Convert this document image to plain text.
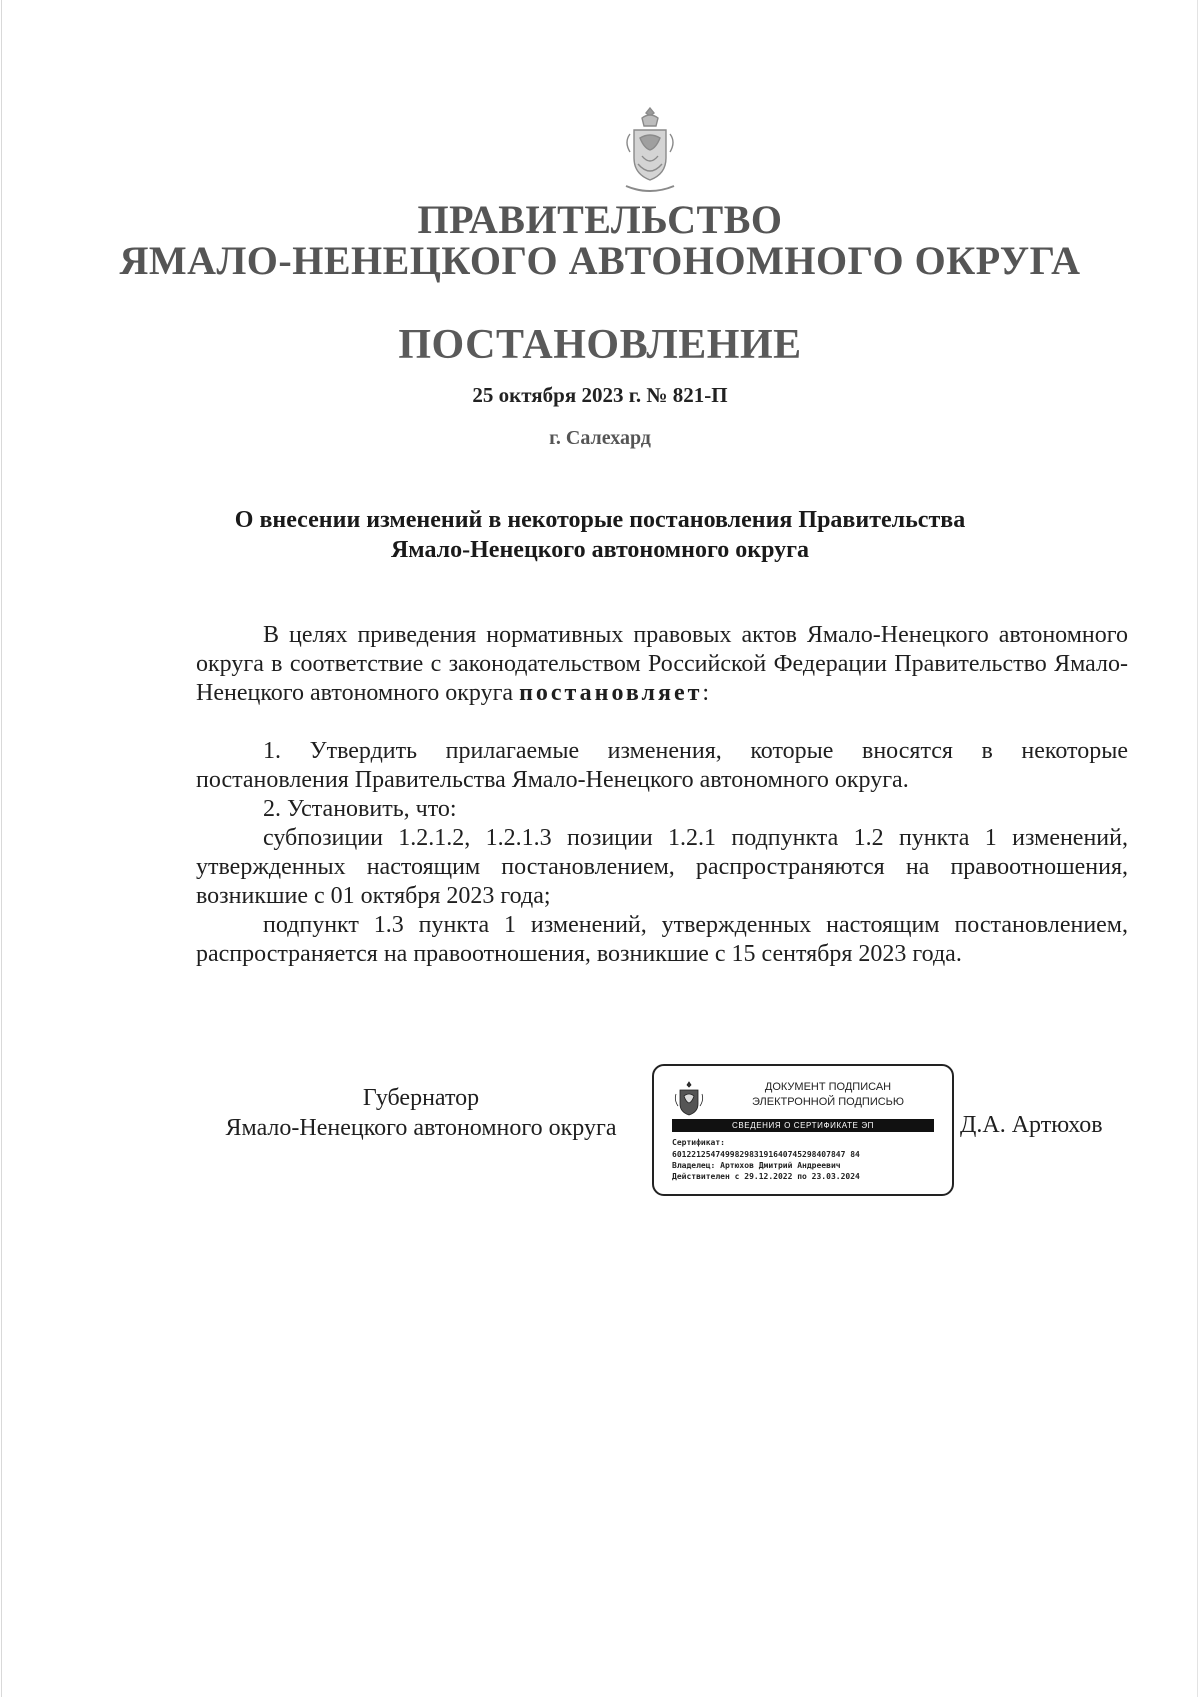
ПРАВИТЕЛЬСТВО
ЯМАЛО-НЕНЕЦКОГО АВТОНОМНОГО ОКРУГА
ПОСТАНОВЛЕНИЕ
25 октября 2023 г. № 821-П
г. Салехард
О внесении изменений в некоторые постановления Правительства
Ямало-Ненецкого автономного округа
В целях приведения нормативных правовых актов Ямало-Ненецкого автономного округа в соответствие с законодательством Российской Федерации Правительство Ямало-Ненецкого автономного округа постановляет:
1. Утвердить прилагаемые изменения, которые вносятся в некоторые постановления Правительства Ямало-Ненецкого автономного округа.
2. Установить, что:
субпозиции 1.2.1.2, 1.2.1.3 позиции 1.2.1 подпункта 1.2 пункта 1 изменений, утвержденных настоящим постановлением, распространяются на правоотношения, возникшие с 01 октября 2023 года;
подпункт 1.3 пункта 1 изменений, утвержденных настоящим постановлением, распространяется на правоотношения, возникшие с 15 сентября 2023 года.
Губернатор
Ямало-Ненецкого автономного округа
ДОКУМЕНТ ПОДПИСАН
ЭЛЕКТРОННОЙ ПОДПИСЬЮ
СВЕДЕНИЯ О СЕРТИФИКАТЕ ЭП
Сертификат:
601221254749982983191640745298407847 84
Владелец: Артюхов Дмитрий Андреевич
Действителен с 29.12.2022 по 23.03.2024
Д.А. Артюхов
